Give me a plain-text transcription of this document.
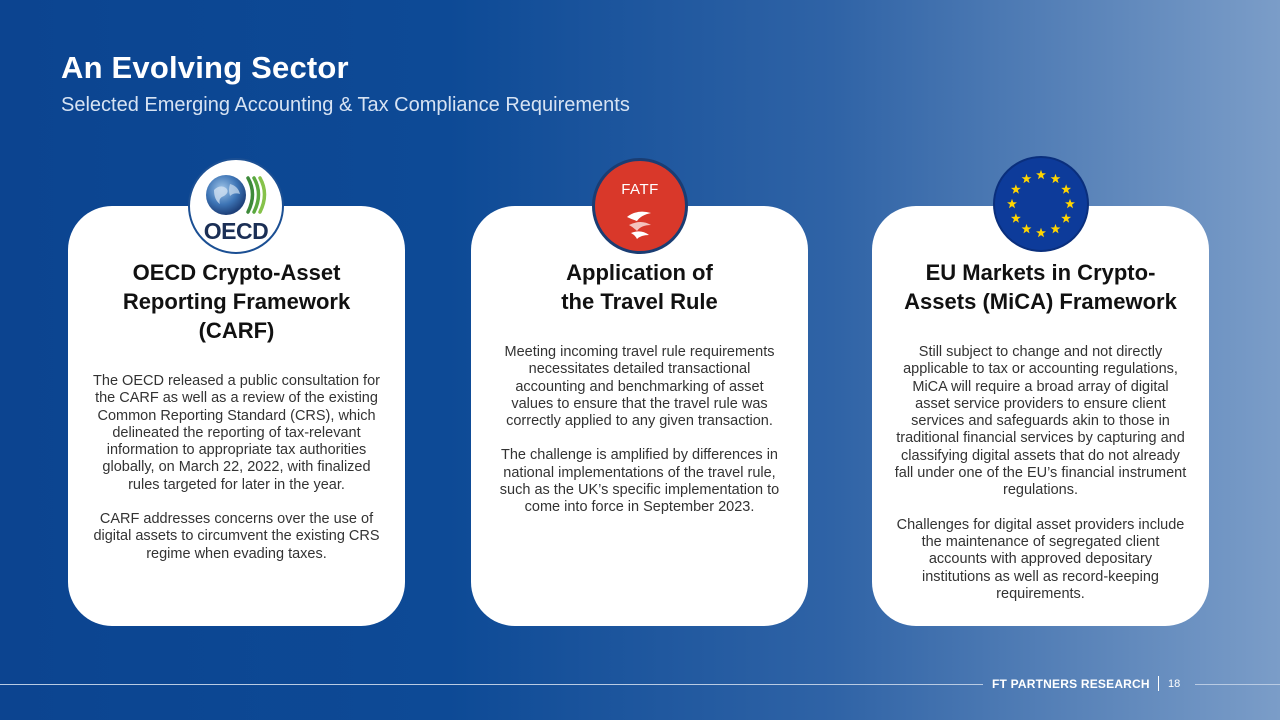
An Evolving Sector
Selected Emerging Accounting & Tax Compliance Requirements
OECD Crypto-Asset
Reporting Framework
(CARF)

The OECD released a public consultation for the CARF as well as a review of the existing Common Reporting Standard (CRS), which delineated the reporting of tax-relevant information to appropriate tax authorities globally, on March 22, 2022, with finalized rules targeted for later in the year.

CARF addresses concerns over the use of digital assets to circumvent the existing CRS regime when evading taxes.

Application of
the Travel Rule

Meeting incoming travel rule requirements necessitates detailed transactional accounting and benchmarking of asset values to ensure that the travel rule was correctly applied to any given transaction.

The challenge is amplified by differences in national implementations of the travel rule, such as the UK’s specific implementation to come into force in September 2023.

EU Markets in Crypto-
Assets (MiCA) Framework

Still subject to change and not directly applicable to tax or accounting regulations, MiCA will require a broad array of digital asset service providers to ensure client services and safeguards akin to those in traditional financial services by capturing and classifying digital assets that do not already fall under one of the EU’s financial instrument regulations.

Challenges for digital asset providers include the maintenance of segregated client accounts with approved depositary institutions as well as record-keeping requirements.

OECD
FATF
FT PARTNERS RESEARCH 18
